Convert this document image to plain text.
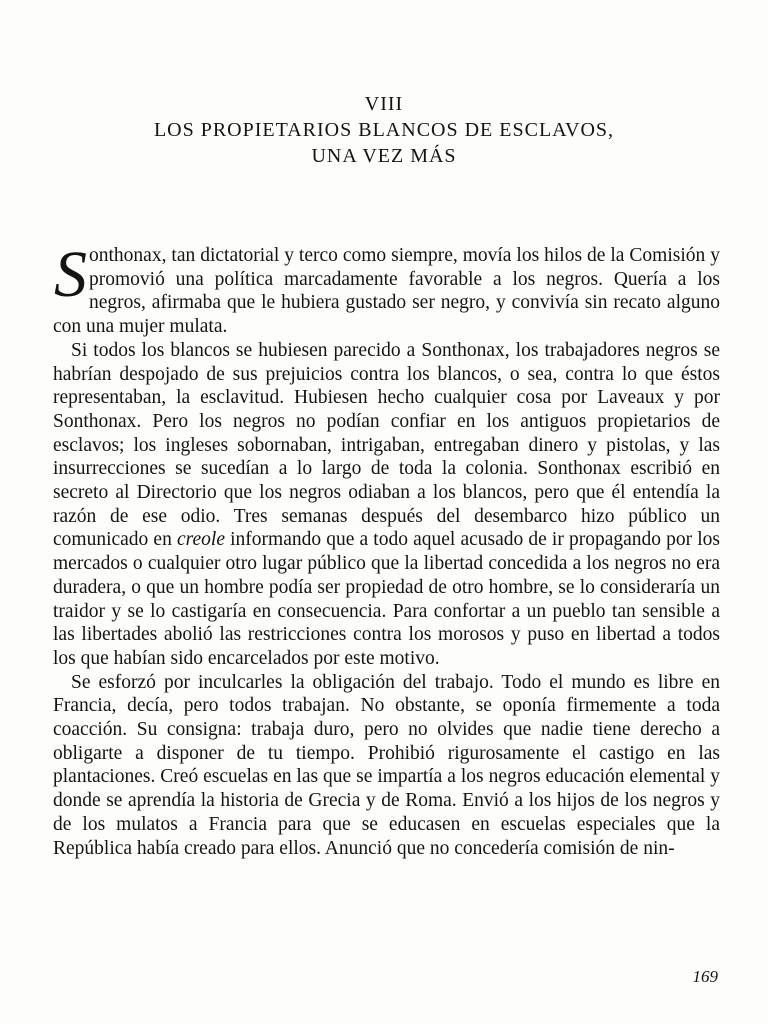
VIII
LOS PROPIETARIOS BLANCOS DE ESCLAVOS,
UNA VEZ MÁS

Sonthonax, tan dictatorial y terco como siempre, movía los hilos de la Comisión y promovió una política marcadamente favorable a los negros. Quería a los negros, afirmaba que le hubiera gustado ser negro, y convivía sin recato alguno con una mujer mulata.

Si todos los blancos se hubiesen parecido a Sonthonax, los trabajadores negros se habrían despojado de sus prejuicios contra los blancos, o sea, contra lo que éstos representaban, la esclavitud. Hubiesen hecho cualquier cosa por Laveaux y por Sonthonax. Pero los negros no podían confiar en los antiguos propietarios de esclavos; los ingleses sobornaban, intrigaban, entregaban dinero y pistolas, y las insurrecciones se sucedían a lo largo de toda la colonia. Sonthonax escribió en secreto al Directorio que los negros odiaban a los blancos, pero que él entendía la razón de ese odio. Tres semanas después del desembarco hizo público un comunicado en creole informando que a todo aquel acusado de ir propagando por los mercados o cualquier otro lugar público que la libertad concedida a los negros no era duradera, o que un hombre podía ser propiedad de otro hombre, se lo consideraría un traidor y se lo castigaría en consecuencia. Para confortar a un pueblo tan sensible a las libertades abolió las restricciones contra los morosos y puso en libertad a todos los que habían sido encarcelados por este motivo.

Se esforzó por inculcarles la obligación del trabajo. Todo el mundo es libre en Francia, decía, pero todos trabajan. No obstante, se oponía firmemente a toda coacción. Su consigna: trabaja duro, pero no olvides que nadie tiene derecho a obligarte a disponer de tu tiempo. Prohibió rigurosamente el castigo en las plantaciones. Creó escuelas en las que se impartía a los negros educación elemental y donde se aprendía la historia de Grecia y de Roma. Envió a los hijos de los negros y de los mulatos a Francia para que se educasen en escuelas especiales que la República había creado para ellos. Anunció que no concedería comisión de nin-

169
